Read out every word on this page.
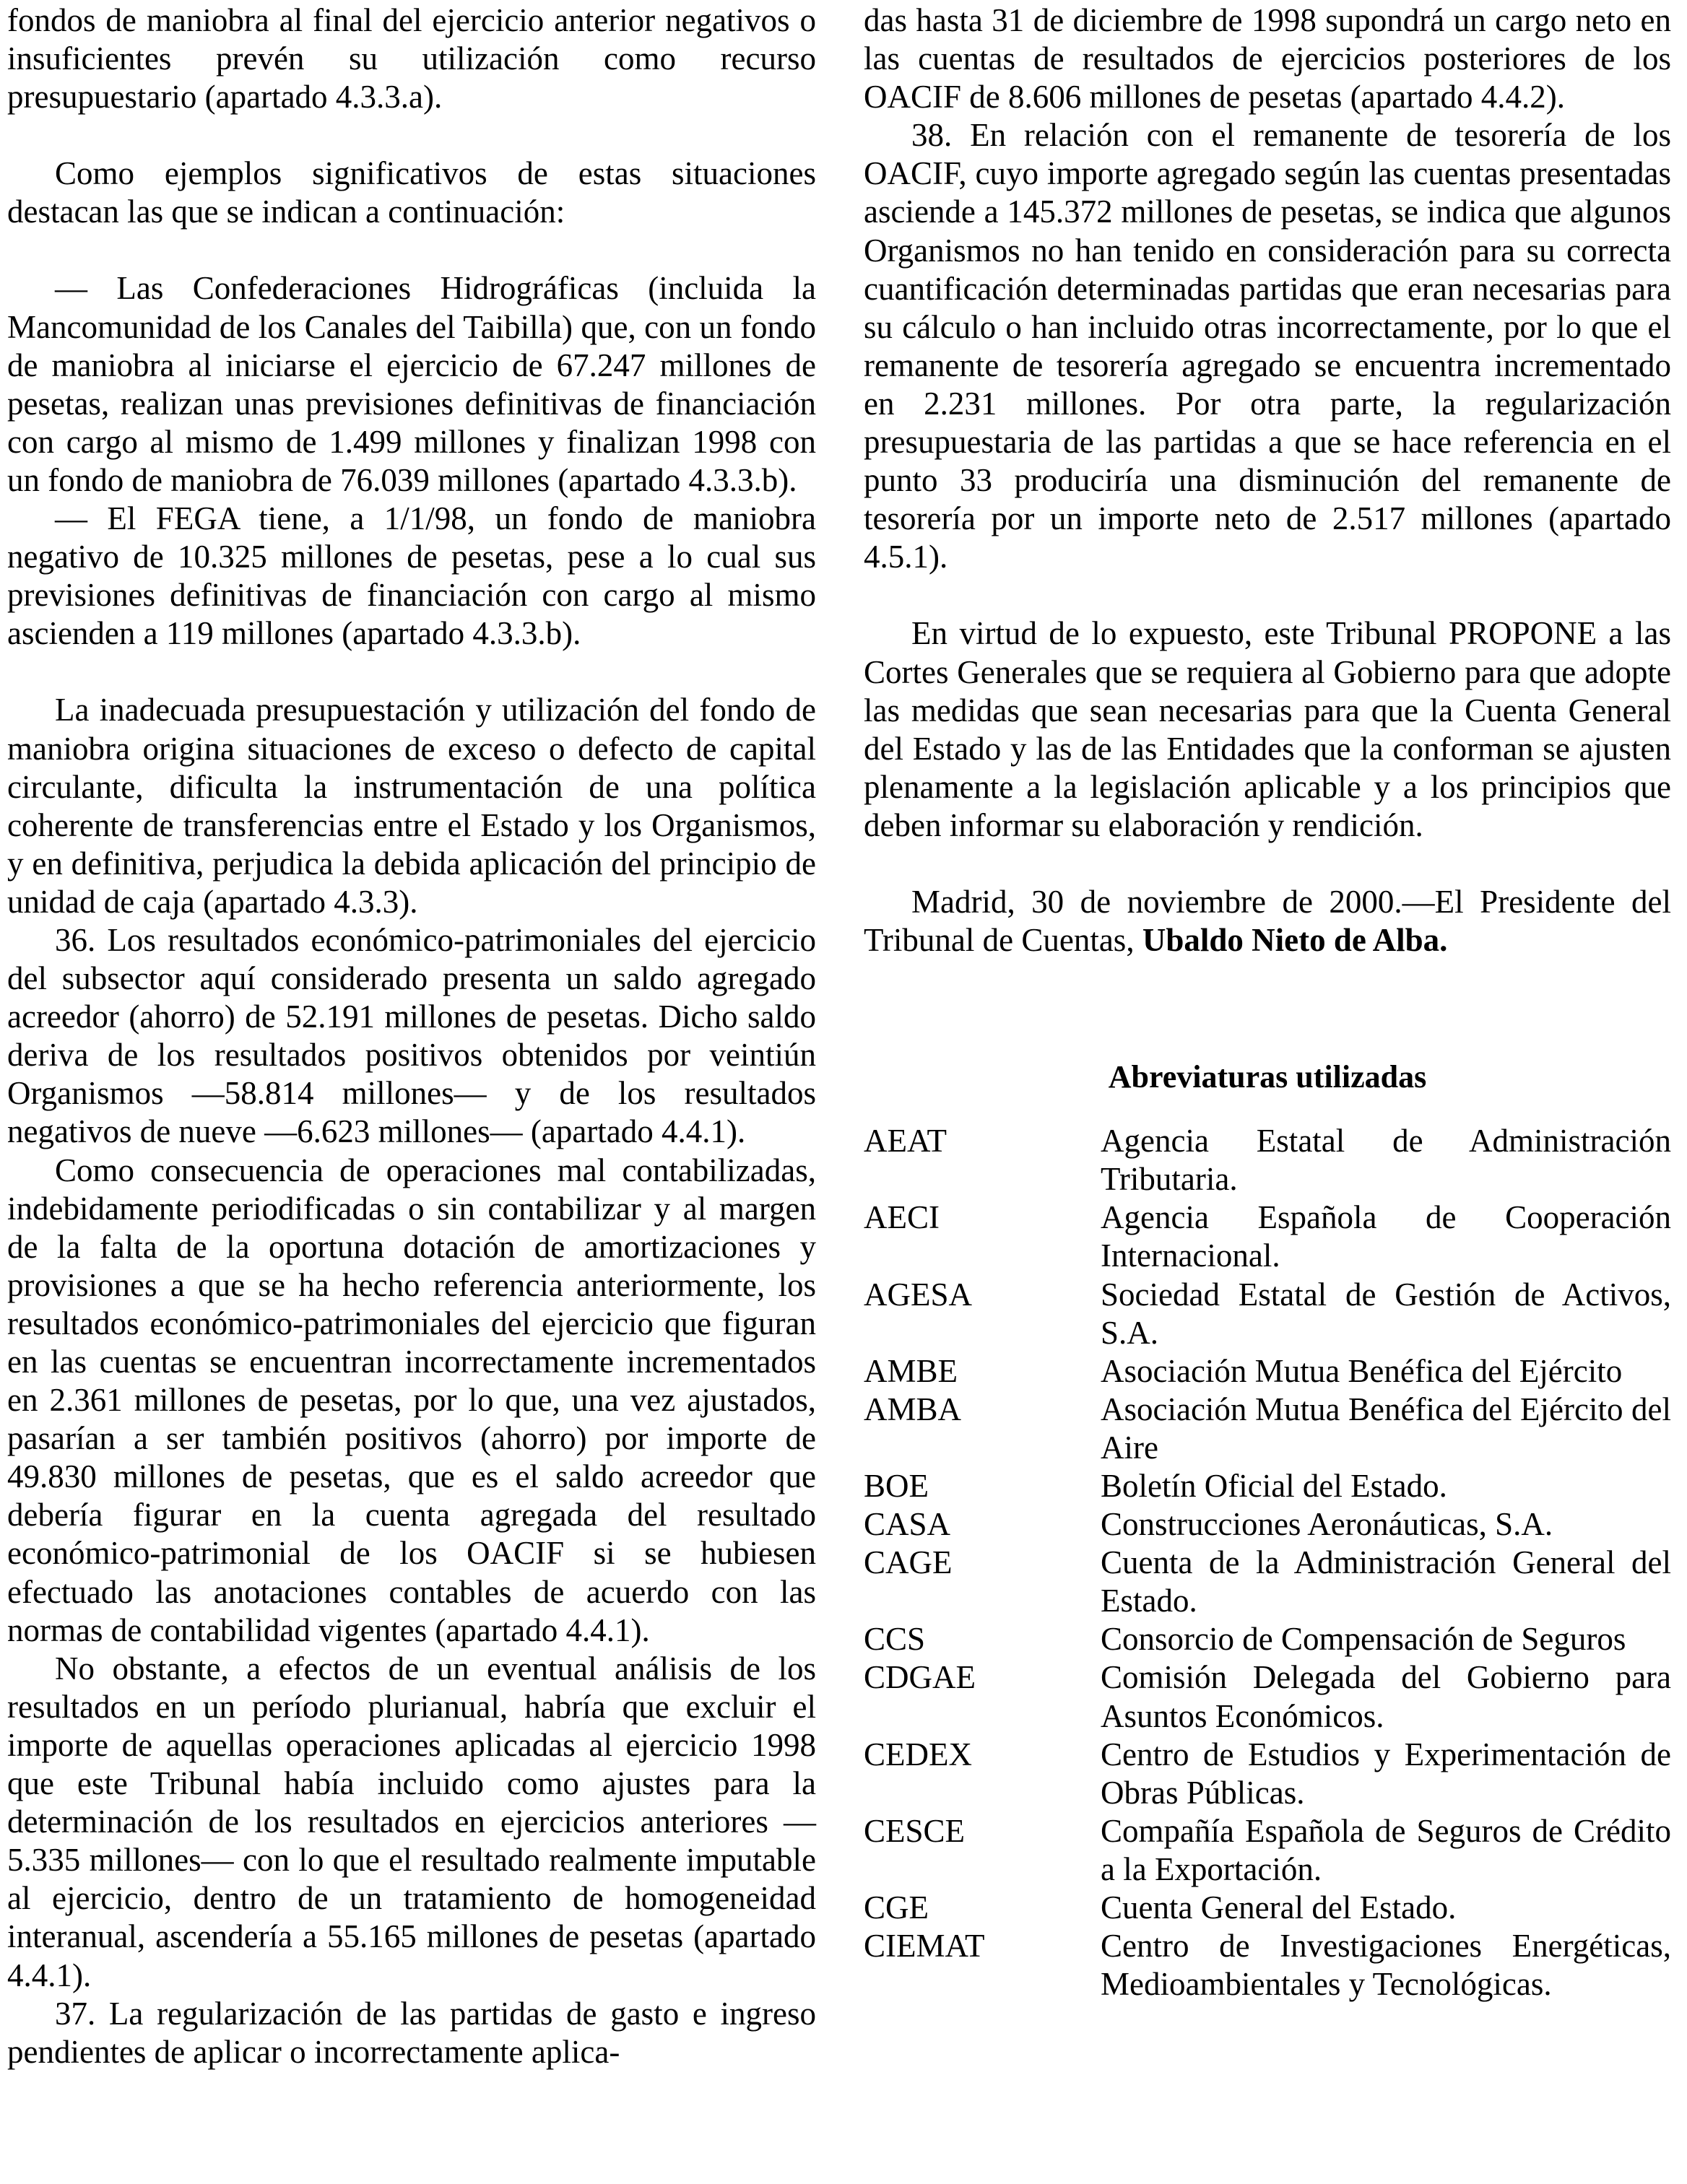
fondos de maniobra al final del ejercicio anterior negativos o insuficientes prevén su utilización como recurso presupuestario (apartado 4.3.3.a).

Como ejemplos significativos de estas situaciones destacan las que se indican a continuación:

— Las Confederaciones Hidrográficas (incluida la Mancomunidad de los Canales del Taibilla) que, con un fondo de maniobra al iniciarse el ejercicio de 67.247 millones de pesetas, realizan unas previsiones definitivas de financiación con cargo al mismo de 1.499 millones y finalizan 1998 con un fondo de maniobra de 76.039 millones (apartado 4.3.3.b).

— El FEGA tiene, a 1/1/98, un fondo de maniobra negativo de 10.325 millones de pesetas, pese a lo cual sus previsiones definitivas de financiación con cargo al mismo ascienden a 119 millones (apartado 4.3.3.b).

La inadecuada presupuestación y utilización del fondo de maniobra origina situaciones de exceso o defecto de capital circulante, dificulta la instrumentación de una política coherente de transferencias entre el Estado y los Organismos, y en definitiva, perjudica la debida aplicación del principio de unidad de caja (apartado 4.3.3).

36. Los resultados económico-patrimoniales del ejercicio del subsector aquí considerado presenta un saldo agregado acreedor (ahorro) de 52.191 millones de pesetas. Dicho saldo deriva de los resultados positivos obtenidos por veintiún Organismos —58.814 millones— y de los resultados negativos de nueve —6.623 millones— (apartado 4.4.1).

Como consecuencia de operaciones mal contabilizadas, indebidamente periodificadas o sin contabilizar y al margen de la falta de la oportuna dotación de amortizaciones y provisiones a que se ha hecho referencia anteriormente, los resultados económico-patrimoniales del ejercicio que figuran en las cuentas se encuentran incorrectamente incrementados en 2.361 millones de pesetas, por lo que, una vez ajustados, pasarían a ser también positivos (ahorro) por importe de 49.830 millones de pesetas, que es el saldo acreedor que debería figurar en la cuenta agregada del resultado económico-patrimonial de los OACIF si se hubiesen efectuado las anotaciones contables de acuerdo con las normas de contabilidad vigentes (apartado 4.4.1).

No obstante, a efectos de un eventual análisis de los resultados en un período plurianual, habría que excluir el importe de aquellas operaciones aplicadas al ejercicio 1998 que este Tribunal había incluido como ajustes para la determinación de los resultados en ejercicios anteriores —5.335 millones— con lo que el resultado realmente imputable al ejercicio, dentro de un tratamiento de homogeneidad interanual, ascendería a 55.165 millones de pesetas (apartado 4.4.1).

37. La regularización de las partidas de gasto e ingreso pendientes de aplicar o incorrectamente aplica-

das hasta 31 de diciembre de 1998 supondrá un cargo neto en las cuentas de resultados de ejercicios posteriores de los OACIF de 8.606 millones de pesetas (apartado 4.4.2).

38. En relación con el remanente de tesorería de los OACIF, cuyo importe agregado según las cuentas presentadas asciende a 145.372 millones de pesetas, se indica que algunos Organismos no han tenido en consideración para su correcta cuantificación determinadas partidas que eran necesarias para su cálculo o han incluido otras incorrectamente, por lo que el remanente de tesorería agregado se encuentra incrementado en 2.231 millones. Por otra parte, la regularización presupuestaria de las partidas a que se hace referencia en el punto 33 produciría una disminución del remanente de tesorería por un importe neto de 2.517 millones (apartado 4.5.1).

En virtud de lo expuesto, este Tribunal PROPONE a las Cortes Generales que se requiera al Gobierno para que adopte las medidas que sean necesarias para que la Cuenta General del Estado y las de las Entidades que la conforman se ajusten plenamente a la legislación aplicable y a los principios que deben informar su elaboración y rendición.

Madrid, 30 de noviembre de 2000.—El Presidente del Tribunal de Cuentas, Ubaldo Nieto de Alba.

Abreviaturas utilizadas
AEAT	Agencia Estatal de Administración Tributaria.
AECI	Agencia Española de Cooperación Internacional.
AGESA	Sociedad Estatal de Gestión de Activos, S.A.
AMBE	Asociación Mutua Benéfica del Ejército
AMBA	Asociación Mutua Benéfica del Ejército del Aire
BOE	Boletín Oficial del Estado.
CASA	Construcciones Aeronáuticas, S.A.
CAGE	Cuenta de la Administración General del Estado.
CCS	Consorcio de Compensación de Seguros
CDGAE	Comisión Delegada del Gobierno para Asuntos Económicos.
CEDEX	Centro de Estudios y Experimentación de Obras Públicas.
CESCE	Compañía Española de Seguros de Crédito a la Exportación.
CGE	Cuenta General del Estado.
CIEMAT	Centro de Investigaciones Energéticas, Medioambientales y Tecnológicas.
